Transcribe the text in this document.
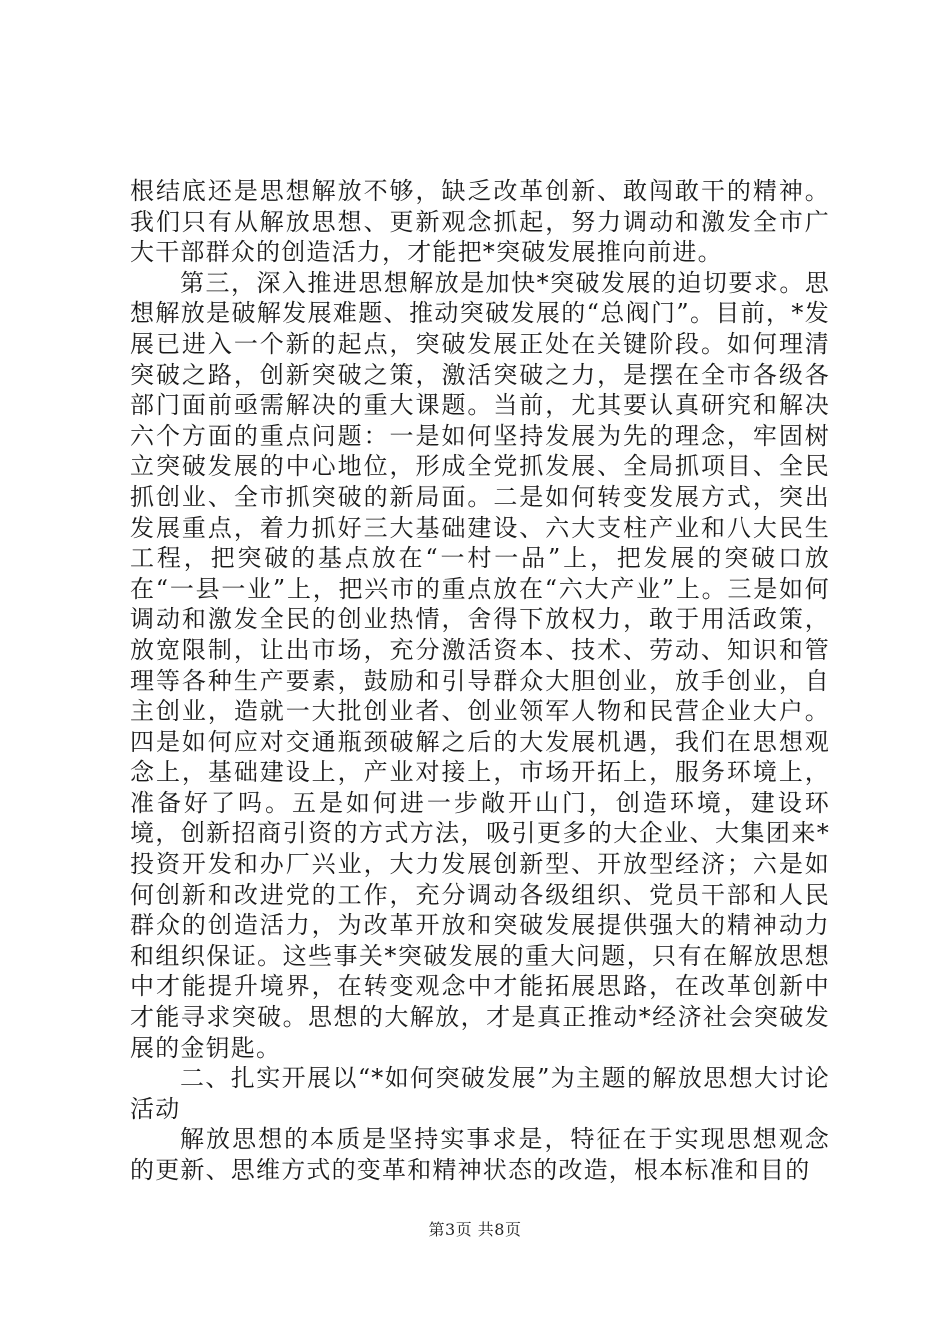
根结底还是思想解放不够，缺乏改革创新、敢闯敢干的精神。我们只有从解放思想、更新观念抓起，努力调动和激发全市广大干部群众的创造活力，才能把*突破发展推向前进。

第三，深入推进思想解放是加快*突破发展的迫切要求。思想解放是破解发展难题、推动突破发展的“总阀门”。目前，*发展已进入一个新的起点，突破发展正处在关键阶段。如何理清突破之路，创新突破之策，激活突破之力，是摆在全市各级各部门面前亟需解决的重大课题。当前，尤其要认真研究和解决六个方面的重点问题：一是如何坚持发展为先的理念，牢固树立突破发展的中心地位，形成全党抓发展、全局抓项目、全民抓创业、全市抓突破的新局面。二是如何转变发展方式，突出发展重点，着力抓好三大基础建设、六大支柱产业和八大民生工程，把突破的基点放在“一村一品”上，把发展的突破口放在“一县一业”上，把兴市的重点放在“六大产业”上。三是如何调动和激发全民的创业热情，舍得下放权力，敢于用活政策，放宽限制，让出市场，充分激活资本、技术、劳动、知识和管理等各种生产要素，鼓励和引导群众大胆创业，放手创业，自主创业，造就一大批创业者、创业领军人物和民营企业大户。四是如何应对交通瓶颈破解之后的大发展机遇，我们在思想观念上，基础建设上，产业对接上，市场开拓上，服务环境上，准备好了吗。五是如何进一步敞开山门，创造环境，建设环境，创新招商引资的方式方法，吸引更多的大企业、大集团来*投资开发和办厂兴业，大力发展创新型、开放型经济；六是如何创新和改进党的工作，充分调动各级组织、党员干部和人民群众的创造活力，为改革开放和突破发展提供强大的精神动力和组织保证。这些事关*突破发展的重大问题，只有在解放思想中才能提升境界，在转变观念中才能拓展思路，在改革创新中才能寻求突破。思想的大解放，才是真正推动*经济社会突破发展的金钥匙。

二、扎实开展以“*如何突破发展”为主题的解放思想大讨论活动

解放思想的本质是坚持实事求是，特征在于实现思想观念的更新、思维方式的变革和精神状态的改造，根本标准和目的

第3页 共8页
